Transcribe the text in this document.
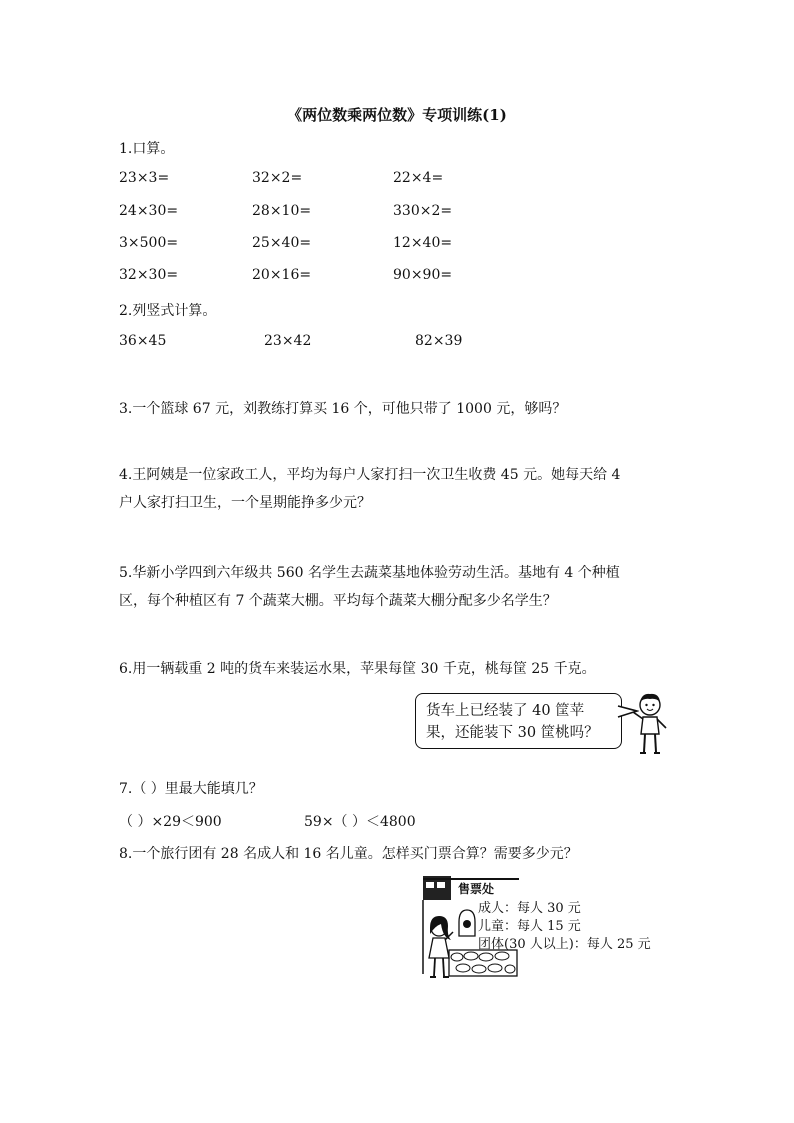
《两位数乘两位数》专项训练(1)
1.口算。
23×3=	32×2=	22×4=
24×30=	28×10=	330×2=
3×500=	25×40=	12×40=
32×30=	20×16=	90×90=
2.列竖式计算。
36×45	23×42	82×39
3.一个篮球 67 元，刘教练打算买 16 个，可他只带了 1000 元，够吗？
4.王阿姨是一位家政工人，平均为每户人家打扫一次卫生收费 45 元。她每天给 4
户人家打扫卫生，一个星期能挣多少元？
5.华新小学四到六年级共 560 名学生去蔬菜基地体验劳动生活。基地有 4 个种植
区，每个种植区有 7 个蔬菜大棚。平均每个蔬菜大棚分配多少名学生？
6.用一辆载重 2 吨的货车来装运水果，苹果每筐 30 千克，桃每筐 25 千克。
货车上已经装了 40 筐苹
果，还能装下 30 筐桃吗？
7.（ ）里最大能填几？
（ ）×29＜900	59×（ ）＜4800
8.一个旅行团有 28 名成人和 16 名儿童。怎样买门票合算？需要多少元？
售票处
成人：每人 30 元
儿童：每人 15 元
团体(30 人以上)：每人 25 元
